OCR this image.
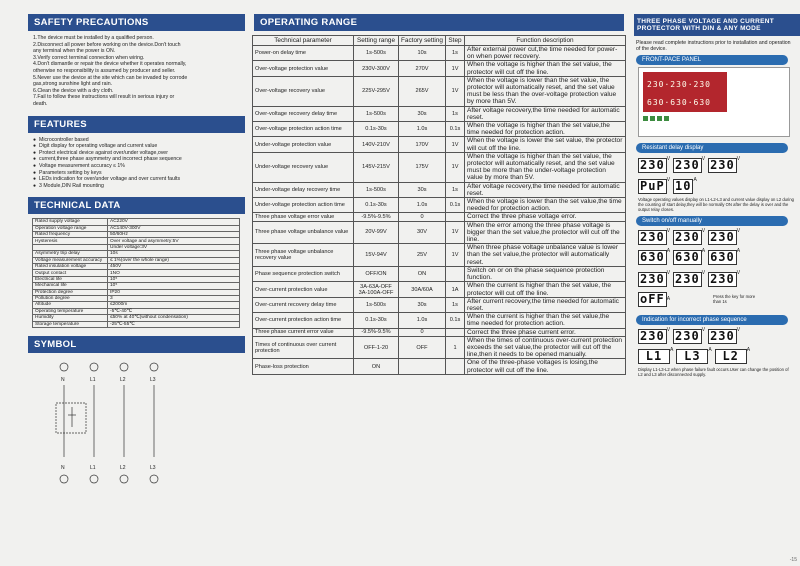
SAFETY PRECAUTIONS
1.The device must be installed by a qualified person.
2.Disconnect all power before working on the device.Don't touch
any terminal when the power is ON.
3.Verify correct terminal connection when wiring.
4.Don't dismantle or repair the device whether it operates normally,
otherwise no responsibility is assumed by producer and seller.
5.Never use the device at the site which can be invaded by corrode
gas,strong sunshine light and rain.
6.Clean the device with a dry cloth.
7.Fail to follow these instructions will result in serious injury or
death.
FEATURES
● Microcontroller based
● Digit display for operating voltage and current value
● Protect electrical device against over/under voltage,over
● current,three phase asymmetry and incorrect phase sequence
● Voltage measurement accuracy ≤ 1%
● Parameters setting by keys
● LEDs indication for over/under voltage and over current faults
● 3 Module,DIN Rail mounting
TECHNICAL DATA
Rated supply voltage	AC220V
Operation voltage range	AC140V-300V
Rated frequency	50/60Hz
Hysteresis	Over voltage and asymmetry:5V
	Under voltage:3V
Asymmetry trip delay	10s
Voltage measurement accuracy	≤ 1%(over the whole range)
Rated insulation voltage	450V
Output contact	1NO
Electrical life	10⁵
Mechanical life	10⁵
Protection degree	IP20
Pollution degree	3
Altitude	≤2000m
Operating temperature	-5℃-40℃
Humidity	≤50% at 40℃(without condensation)
Storage temperature	-25℃-55℃
SYMBOL
N	L1	L2	L3
N	L1	L2	L3
OPERATING RANGE
Technical parameter	Setting range	Factory setting	Step	Function description
Power-on delay time	1s-500s	10s	1s	After external power cut,the time needed for power-on when power recovery.
Over-voltage protection value	230V-300V	270V	1V	When the voltage is higher than the set value, the protector will cut off the line.
Over-voltage recovery value	225V-295V	265V	1V	When the voltage is lower than the set value, the protector will automatically reset, and the set value must be less than the over-voltage protection value by more than 5V.
Over-voltage recovery delay time	1s-500s	30s	1s	After voltage recovery,the time needed for automatic reset.
Over-voltage protection action time	0.1s-30s	1.0s	0.1s	When the voltage is higher than the set value,the time needed for protection action.
Under-voltage protection value	140V-210V	170V	1V	When the voltage is lower the set value, the protector will cut off the line.
Under-voltage recovery value	145V-215V	175V	1V	When the voltage is higher than the set value, the protector will automatically reset, and the set value must be more than the under-voltage protection value by more than 5V.
Under-voltage delay recovery time	1s-500s	30s	1s	After voltage recovery,the time needed for automatic reset.
Under-voltage protection action time	0.1s-30s	1.0s	0.1s	When the voltage is lower than the set value,the time needed for protection action.
Three phase voltage error value	-9.5%-9.5%	0		Correct the three phase voltage error.
Three phase voltage unbalance value	20V-99V	30V	1V	When the error among the three phase voltage is bigger than the set value,the protector will cut off the line.
Three phase voltage unbalance recovery value	15V-94V	25V	1V	When three phase voltage unbalance value is lower than the set value,the protector will automatically reset.
Phase sequence protection switch	OFF/ON	ON		Switch on or on the phase sequence protection function.
Over-current protection value	3A-63A-OFF 3A-100A-OFF	30A/60A	1A	When the current is higher than the set value, the protector will cut off the line.
Over-current recovery delay time	1s-500s	30s	1s	After current recovery,the time needed for automatic reset.
Over-current protection action time	0.1s-30s	1.0s	0.1s	When the current is higher than the set value,the time needed for protection action.
Three phase current error value	-9.5%-9.5%	0		Correct the three phase current error.
Times of continuous over current protection	OFF-1-20	OFF	1	When the times of continuous over-current protection exceeds the set value,the protector will cut off the line,then it needs to be opened manually.
Phase-loss protection	ON			One of the three-phase voltages is losing,the protector will cut off the line.
THREE PHASE VOLTAGE AND CURRENT PROTECTOR WITH DIN & ANY MODE
Please read complete instructions prior to installation and operation of the device.
FRONT-PACE PANEL
230·230·230 630·630·630
Resistant delay display
230 $^V$ 230 $^V$ 230 $^V$
PuP $^V$ 10 $^A$
Voltage operating values display on L1-L2-L3 and current value display on L2 during the counting of start delay,they will be normally ON after the delay is over and the output relay closes.
Switch on/off manually
230 $^V$ 230 $^V$ 230 $^V$
630 $^A$ 630 $^A$ 630 $^A$
230 $^V$ 230 $^V$ 230 $^V$
oFF A	Press the key for more than 1s
Indication for incorrect phase sequence
230 $^V$ 230 $^V$ 230 $^V$
L1 $^A$ L3 $^A$ L2 $^A$
Display L1-L3-L2 when phase failure fault occurs.User can change the position of L2 and L3 after disconnected supply.
-15
